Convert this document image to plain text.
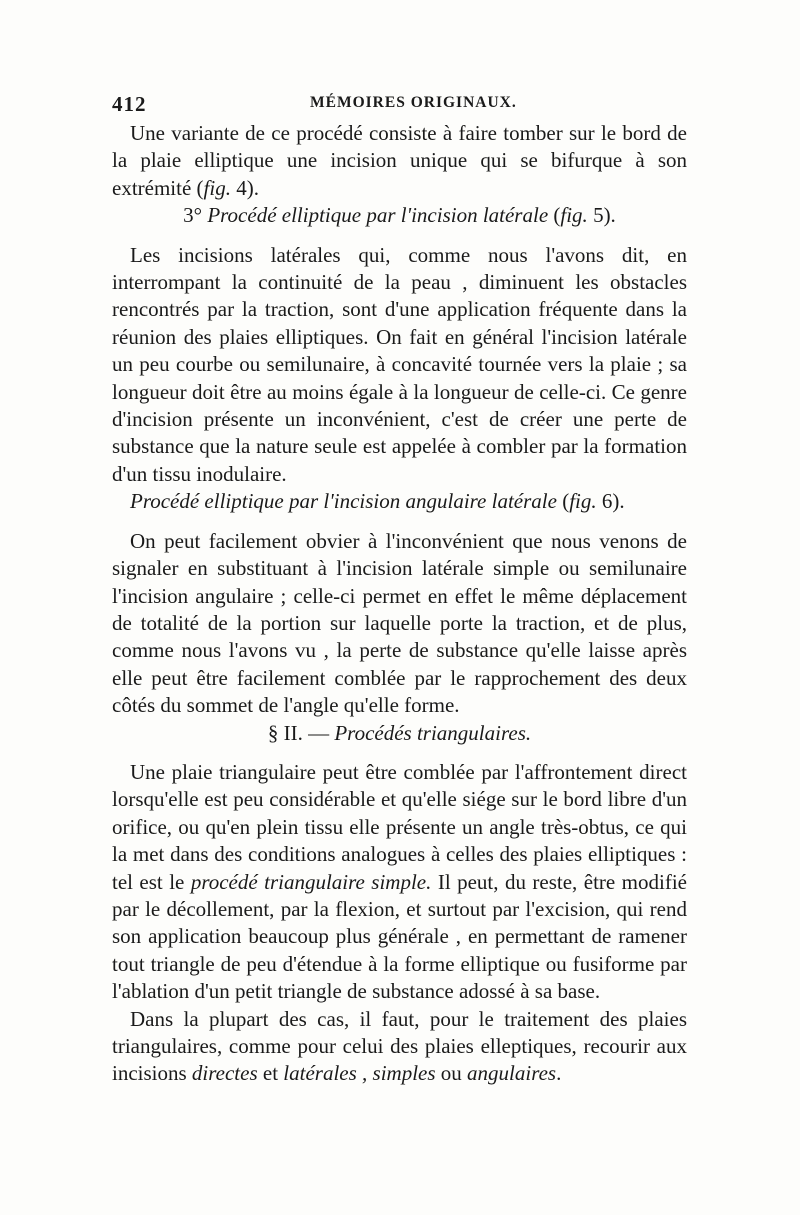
412	MÉMOIRES ORIGINAUX.

Une variante de ce procédé consiste à faire tomber sur le bord de la plaie elliptique une incision unique qui se bifurque à son extrémité (fig. 4).

3° Procédé elliptique par l'incision latérale (fig. 5).

Les incisions latérales qui, comme nous l'avons dit, en interrompant la continuité de la peau , diminuent les obstacles rencontrés par la traction, sont d'une application fréquente dans la réunion des plaies elliptiques. On fait en général l'incision latérale un peu courbe ou semilunaire, à concavité tournée vers la plaie ; sa longueur doit être au moins égale à la longueur de celle-ci. Ce genre d'incision présente un inconvénient, c'est de créer une perte de substance que la nature seule est appelée à combler par la formation d'un tissu inodulaire.

Procédé elliptique par l'incision angulaire latérale (fig. 6).

On peut facilement obvier à l'inconvénient que nous venons de signaler en substituant à l'incision latérale simple ou semilunaire l'incision angulaire ; celle-ci permet en effet le même déplacement de totalité de la portion sur laquelle porte la traction, et de plus, comme nous l'avons vu , la perte de substance qu'elle laisse après elle peut être facilement comblée par le rapprochement des deux côtés du sommet de l'angle qu'elle forme.

§ II. — Procédés triangulaires.

Une plaie triangulaire peut être comblée par l'affrontement direct lorsqu'elle est peu considérable et qu'elle siége sur le bord libre d'un orifice, ou qu'en plein tissu elle présente un angle très-obtus, ce qui la met dans des conditions analogues à celles des plaies elliptiques : tel est le procédé triangulaire simple. Il peut, du reste, être modifié par le décollement, par la flexion, et surtout par l'excision, qui rend son application beaucoup plus générale , en permettant de ramener tout triangle de peu d'étendue à la forme elliptique ou fusiforme par l'ablation d'un petit triangle de substance adossé à sa base.

Dans la plupart des cas, il faut, pour le traitement des plaies triangulaires, comme pour celui des plaies elleptiques, recourir aux incisions directes et latérales , simples ou angulaires.
